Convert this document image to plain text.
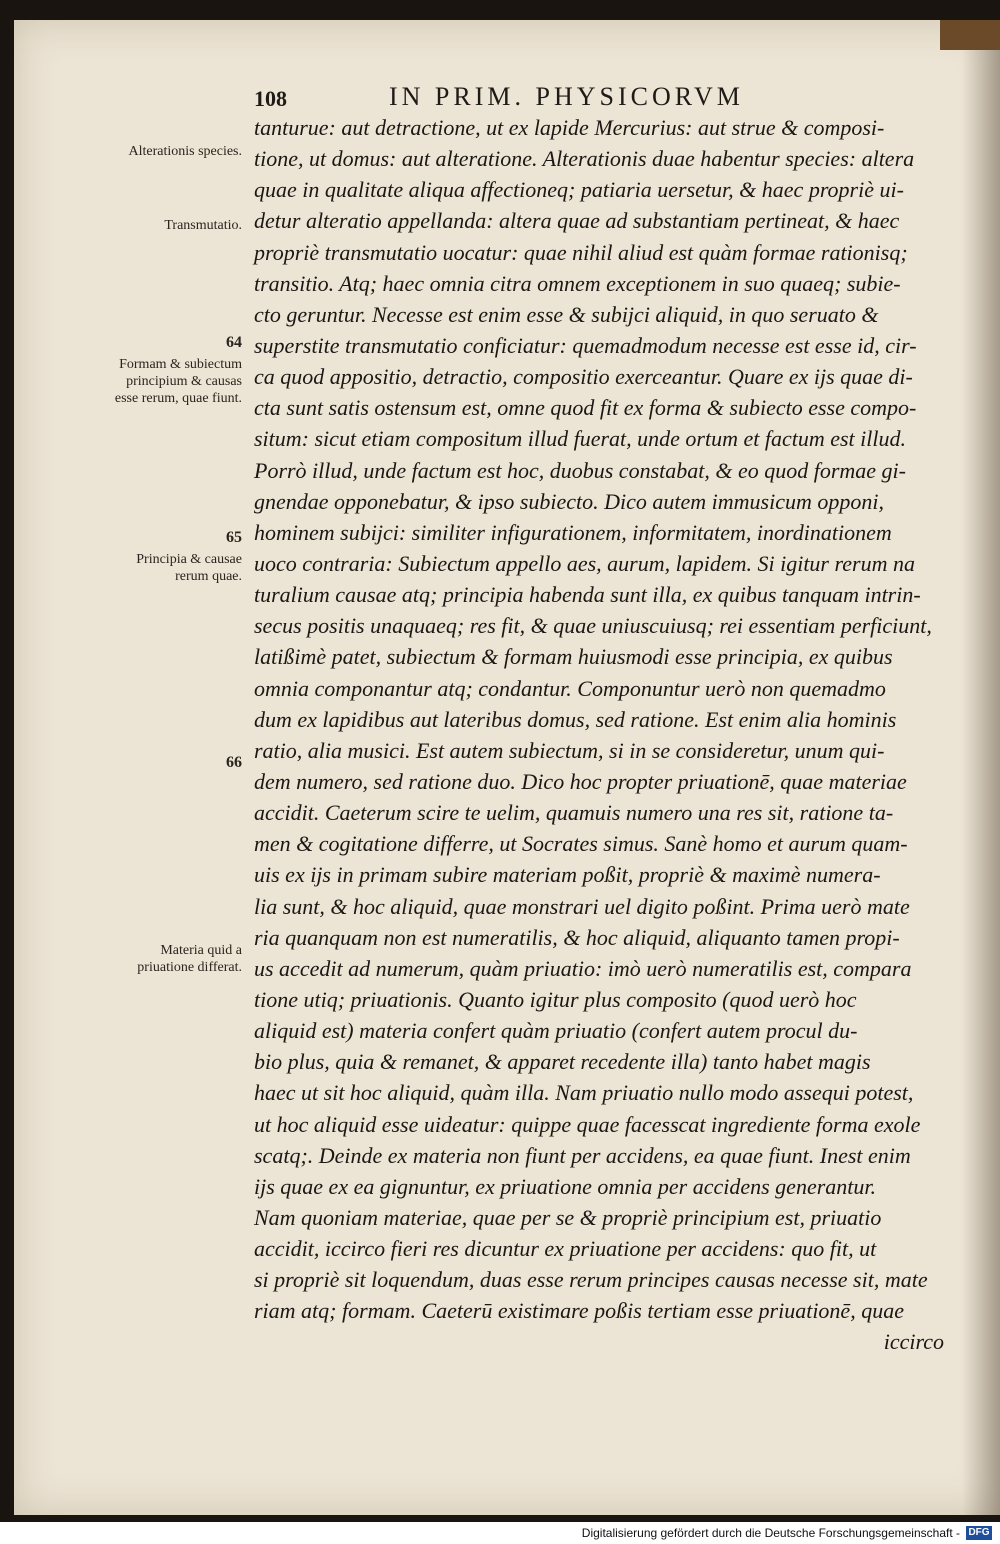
108	IN PRIM. PHYSICORVM
Alterationis species.
Transmutatio.
64
Formam & subiectum principium & causas esse rerum, quae fiunt.
65
Principia & causae rerum quae.
66
Materia quid a priuatione differat.
tanturue: aut detractione, ut ex lapide Mercurius: aut strue & composi-
tione, ut domus: aut alteratione. Alterationis duae habentur species: altera
quae in qualitate aliqua affectioneq; patiaria uersetur, & haec propriè ui-
detur alteratio appellanda: altera quae ad substantiam pertineat, & haec
propriè transmutatio uocatur: quae nihil aliud est quàm formae rationisq;
transitio. Atq; haec omnia citra omnem exceptionem in suo quaeq; subie-
cto geruntur. Necesse est enim esse & subijci aliquid, in quo seruato &
superstite transmutatio conficiatur: quemadmodum necesse est esse id, cir-
ca quod appositio, detractio, compositio exerceantur. Quare ex ijs quae di-
cta sunt satis ostensum est, omne quod fit ex forma & subiecto esse compo-
situm: sicut etiam compositum illud fuerat, unde ortum et factum est illud.
Porrò illud, unde factum est hoc, duobus constabat, & eo quod formae gi-
gnendae opponebatur, & ipso subiecto. Dico autem immusicum opponi,
hominem subijci: similiter infigurationem, informitatem, inordinationem
uoco contraria: Subiectum appello aes, aurum, lapidem. Si igitur rerum na
turalium causae atq; principia habenda sunt illa, ex quibus tanquam intrin-
secus positis unaquaeq; res fit, & quae uniuscuiusq; rei essentiam perficiunt,
latißimè patet, subiectum & formam huiusmodi esse principia, ex quibus
omnia componantur atq; condantur. Componuntur uerò non quemadmo
dum ex lapidibus aut lateribus domus, sed ratione. Est enim alia hominis
ratio, alia musici. Est autem subiectum, si in se consideretur, unum qui-
dem numero, sed ratione duo. Dico hoc propter priuationē, quae materiae
accidit. Caeterum scire te uelim, quamuis numero una res sit, ratione ta-
men & cogitatione differre, ut Socrates simus. Sanè homo et aurum quam-
uis ex ijs in primam subire materiam poßit, propriè & maximè numera-
lia sunt, & hoc aliquid, quae monstrari uel digito poßint. Prima uerò mate
ria quanquam non est numeratilis, & hoc aliquid, aliquanto tamen propi-
us accedit ad numerum, quàm priuatio: imò uerò numeratilis est, compara
tione utiq; priuationis. Quanto igitur plus composito (quod uerò hoc
aliquid est) materia confert quàm priuatio (confert autem procul du-
bio plus, quia & remanet, & apparet recedente illa) tanto habet magis
haec ut sit hoc aliquid, quàm illa. Nam priuatio nullo modo assequi potest,
ut hoc aliquid esse uideatur: quippe quae facesscat ingrediente forma exole
scatq;. Deinde ex materia non fiunt per accidens, ea quae fiunt. Inest enim
ijs quae ex ea gignuntur, ex priuatione omnia per accidens generantur.
Nam quoniam materiae, quae per se & propriè principium est, priuatio
accidit, iccirco fieri res dicuntur ex priuatione per accidens: quo fit, ut
si propriè sit loquendum, duas esse rerum principes causas necesse sit, mate
riam atq; formam. Caeterū existimare poßis tertiam esse priuationē, quae
iccirco
Digitalisierung gefördert durch die Deutsche Forschungsgemeinschaft - DFG
